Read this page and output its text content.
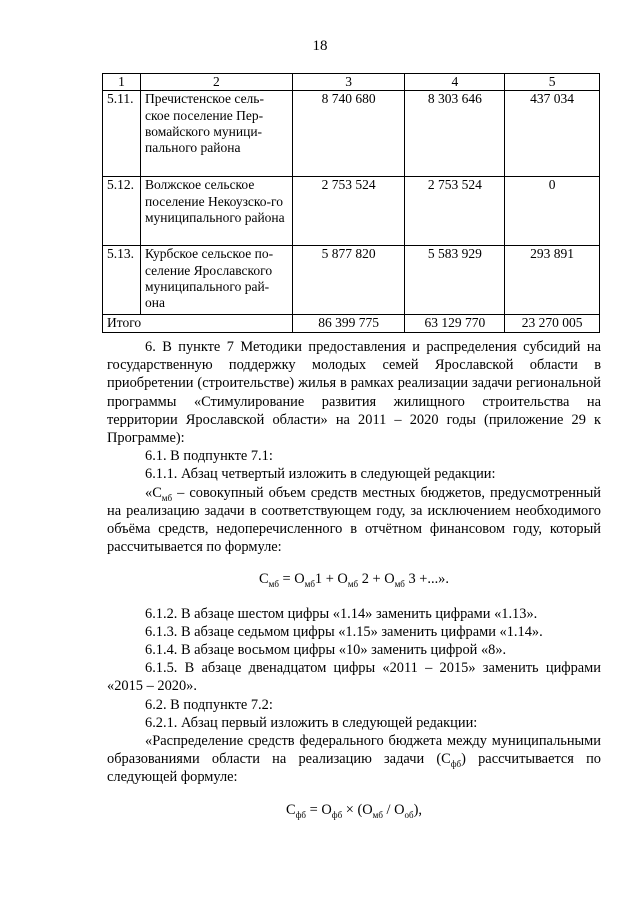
18
1	2	3	4	5
5.11.	Пречистенское сель-ское поселение Пер-вомайского муници-пального района	8 740 680	8 303 646	437 034
5.12.	Волжское сельское поселение Некоузско-го муниципального района	2 753 524	2 753 524	0
5.13.	Курбское сельское по-селение Ярославского муниципального рай-она	5 877 820	5 583 929	293 891
Итого		86 399 775	63 129 770	23 270 005

6. В пункте 7 Методики предоставления и распределения субсидий на государственную поддержку молодых семей Ярославской области в приобретении (строительстве) жилья в рамках реализации задачи региональной программы «Стимулирование развития жилищного строительства на территории Ярославской области» на 2011 – 2020 годы (приложение 29 к Программе):

6.1. В подпункте 7.1:

6.1.1. Абзац четвертый изложить в следующей редакции:

«$С_{мб}$ – совокупный объем средств местных бюджетов, предусмотренный на реализацию задачи в соответствующем году, за исключением необходимого объёма средств, недоперечисленного в отчётном финансовом году, который рассчитывается по формуле:

$С_{мб} = О_{мб}1 + О_{мб}$ $2 + О_{мб}$ 3 +...».

6.1.2. В абзаце шестом цифры «1.14» заменить цифрами «1.13».

6.1.3. В абзаце седьмом цифры «1.15» заменить цифрами «1.14».

6.1.4. В абзаце восьмом цифры «10» заменить цифрой «8».

6.1.5. В абзаце двенадцатом цифры «2011 – 2015» заменить цифрами «2015 – 2020».

6.2. В подпункте 7.2:

6.2.1. Абзац первый изложить в следующей редакции:

«Распределение средств федерального бюджета между муниципальными образованиями области на реализацию задачи $(С_{фб})$ рассчитывается по следующей формуле:

$С_{фб} = О_{фб} \times (О_{мб} / О_{об})$,
